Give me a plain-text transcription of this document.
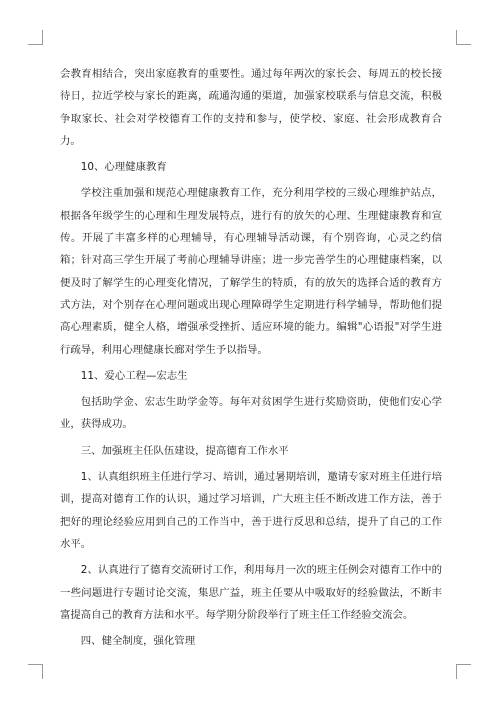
会教育相结合，突出家庭教育的重要性。通过每年两次的家长会、每周五的校长接待日，拉近学校与家长的距离，疏通沟通的渠道，加强家校联系与信息交流，积极争取家长、社会对学校德育工作的支持和参与，使学校、家庭、社会形成教育合力。

10、心理健康教育

学校注重加强和规范心理健康教育工作，充分利用学校的三级心理维护站点，根据各年级学生的心理和生理发展特点，进行有的放矢的心理、生理健康教育和宣传。开展了丰富多样的心理辅导，有心理辅导活动课，有个别咨询，心灵之约信箱；针对高三学生开展了考前心理辅导讲座；进一步完善学生的心理健康档案，以便及时了解学生的心理变化情况，了解学生的特质，有的放矢的选择合适的教育方式方法，对个别存在心理问题或出现心理障碍学生定期进行科学辅导，帮助他们提高心理素质，健全人格，增强承受挫折、适应环境的能力。编辑"心语报"对学生进行疏导，利用心理健康长廊对学生予以指导。

11、爱心工程—宏志生

包括助学金、宏志生助学金等。每年对贫困学生进行奖励资助，使他们安心学业，获得成功。

三、加强班主任队伍建设，提高德育工作水平

1、认真组织班主任进行学习、培训，通过暑期培训，邀请专家对班主任进行培训，提高对德育工作的认识，通过学习培训，广大班主任不断改进工作方法，善于把好的理论经验应用到自己的工作当中，善于进行反思和总结，提升了自己的工作水平。

2、认真进行了德育交流研讨工作，利用每月一次的班主任例会对德育工作中的一些问题进行专题讨论交流，集思广益，班主任要从中吸取好的经验做法，不断丰富提高自己的教育方法和水平。每学期分阶段举行了班主任工作经验交流会。

四、健全制度，强化管理
